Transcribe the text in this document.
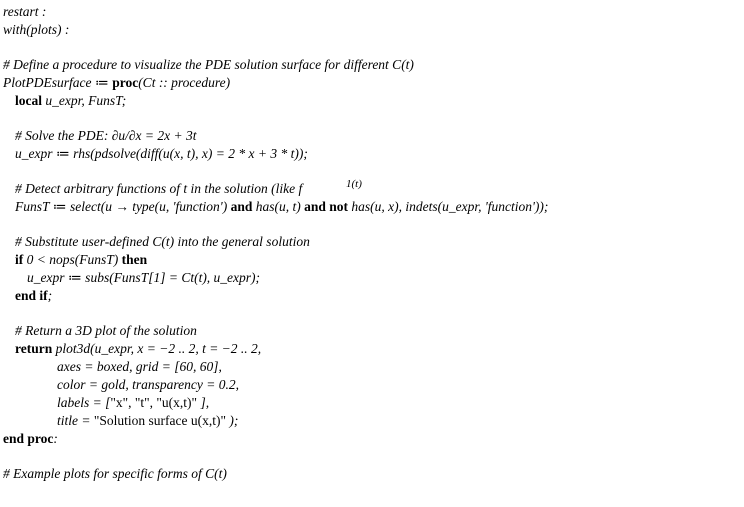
restart :
with(plots) :
# Define a procedure to visualize the PDE solution surface for different C(t)
PlotPDEsurface ≔ proc(Ct :: procedure)
local u_expr, FunsT;
# Solve the PDE: ∂u/∂x = 2x + 3t
u_expr ≔ rhs(pdsolve(diff(u(x, t), x) = 2 * x + 3 * t));
# Detect arbitrary functions of t in the solution (like f	1(t)
FunsT ≔ select(u → type(u, 'function') and has(u, t) and not has(u, x), indets(u_expr, 'function'));
# Substitute user-defined C(t) into the general solution
if 0 < nops(FunsT) then
u_expr ≔ subs(FunsT[1] = Ct(t), u_expr);
end if;
# Return a 3D plot of the solution
return plot3d(u_expr, x = −2 .. 2, t = −2 .. 2,
axes = boxed, grid = [60, 60],
color = gold, transparency = 0.2,
labels = ["x", "t", "u(x,t)" ],
title = "Solution surface u(x,t)" );
end proc:
# Example plots for specific forms of C(t)
